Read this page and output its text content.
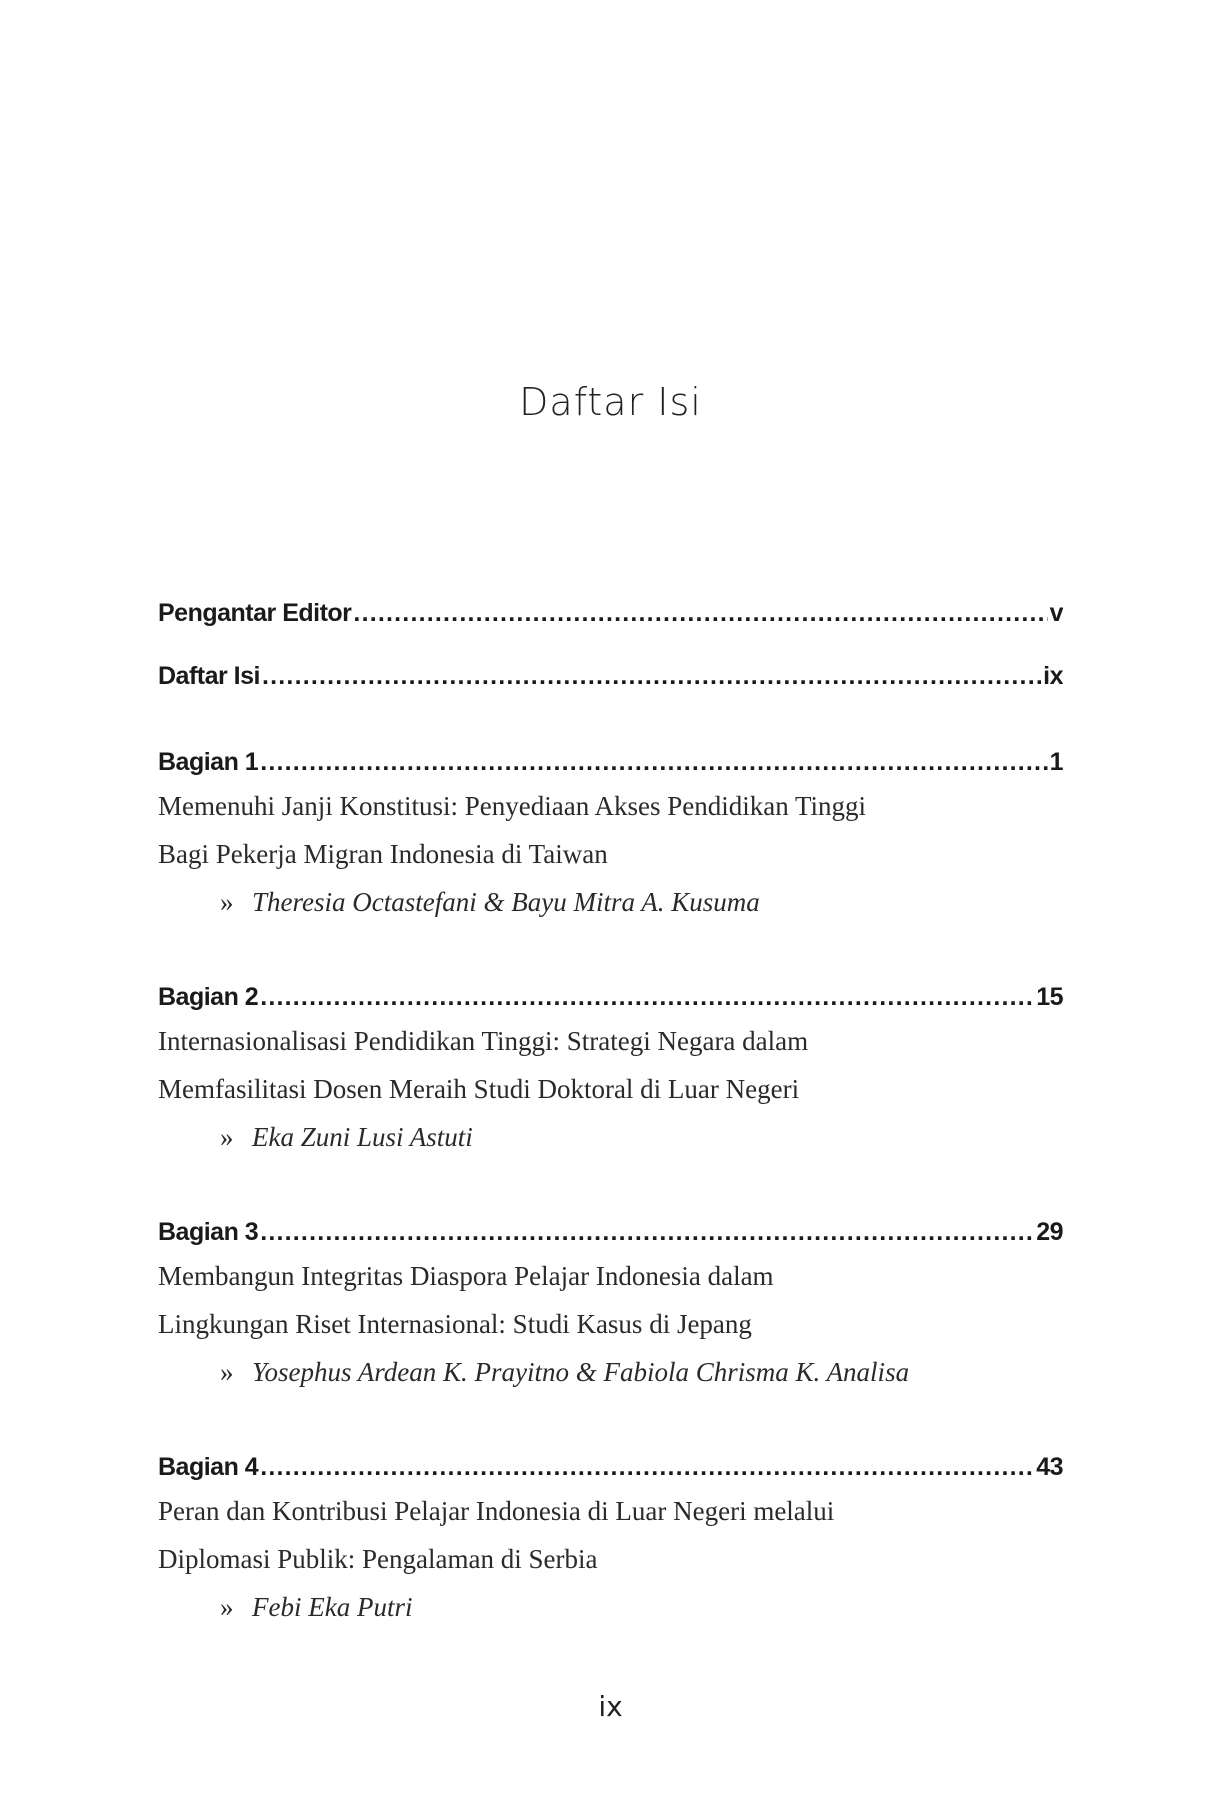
Daftar Isi
Pengantar Editor .....	v
Daftar Isi .....	ix
Bagian 1 .....	1
Memenuhi Janji Konstitusi: Penyediaan Akses Pendidikan Tinggi
Bagi Pekerja Migran Indonesia di Taiwan
» Theresia Octastefani & Bayu Mitra A. Kusuma
Bagian 2 .....	15
Internasionalisasi Pendidikan Tinggi: Strategi Negara dalam
Memfasilitasi Dosen Meraih Studi Doktoral di Luar Negeri
» Eka Zuni Lusi Astuti
Bagian 3 .....	29
Membangun Integritas Diaspora Pelajar Indonesia dalam
Lingkungan Riset Internasional: Studi Kasus di Jepang
» Yosephus Ardean K. Prayitno & Fabiola Chrisma K. Analisa
Bagian 4 .....	43
Peran dan Kontribusi Pelajar Indonesia di Luar Negeri melalui
Diplomasi Publik: Pengalaman di Serbia
» Febi Eka Putri
ix
